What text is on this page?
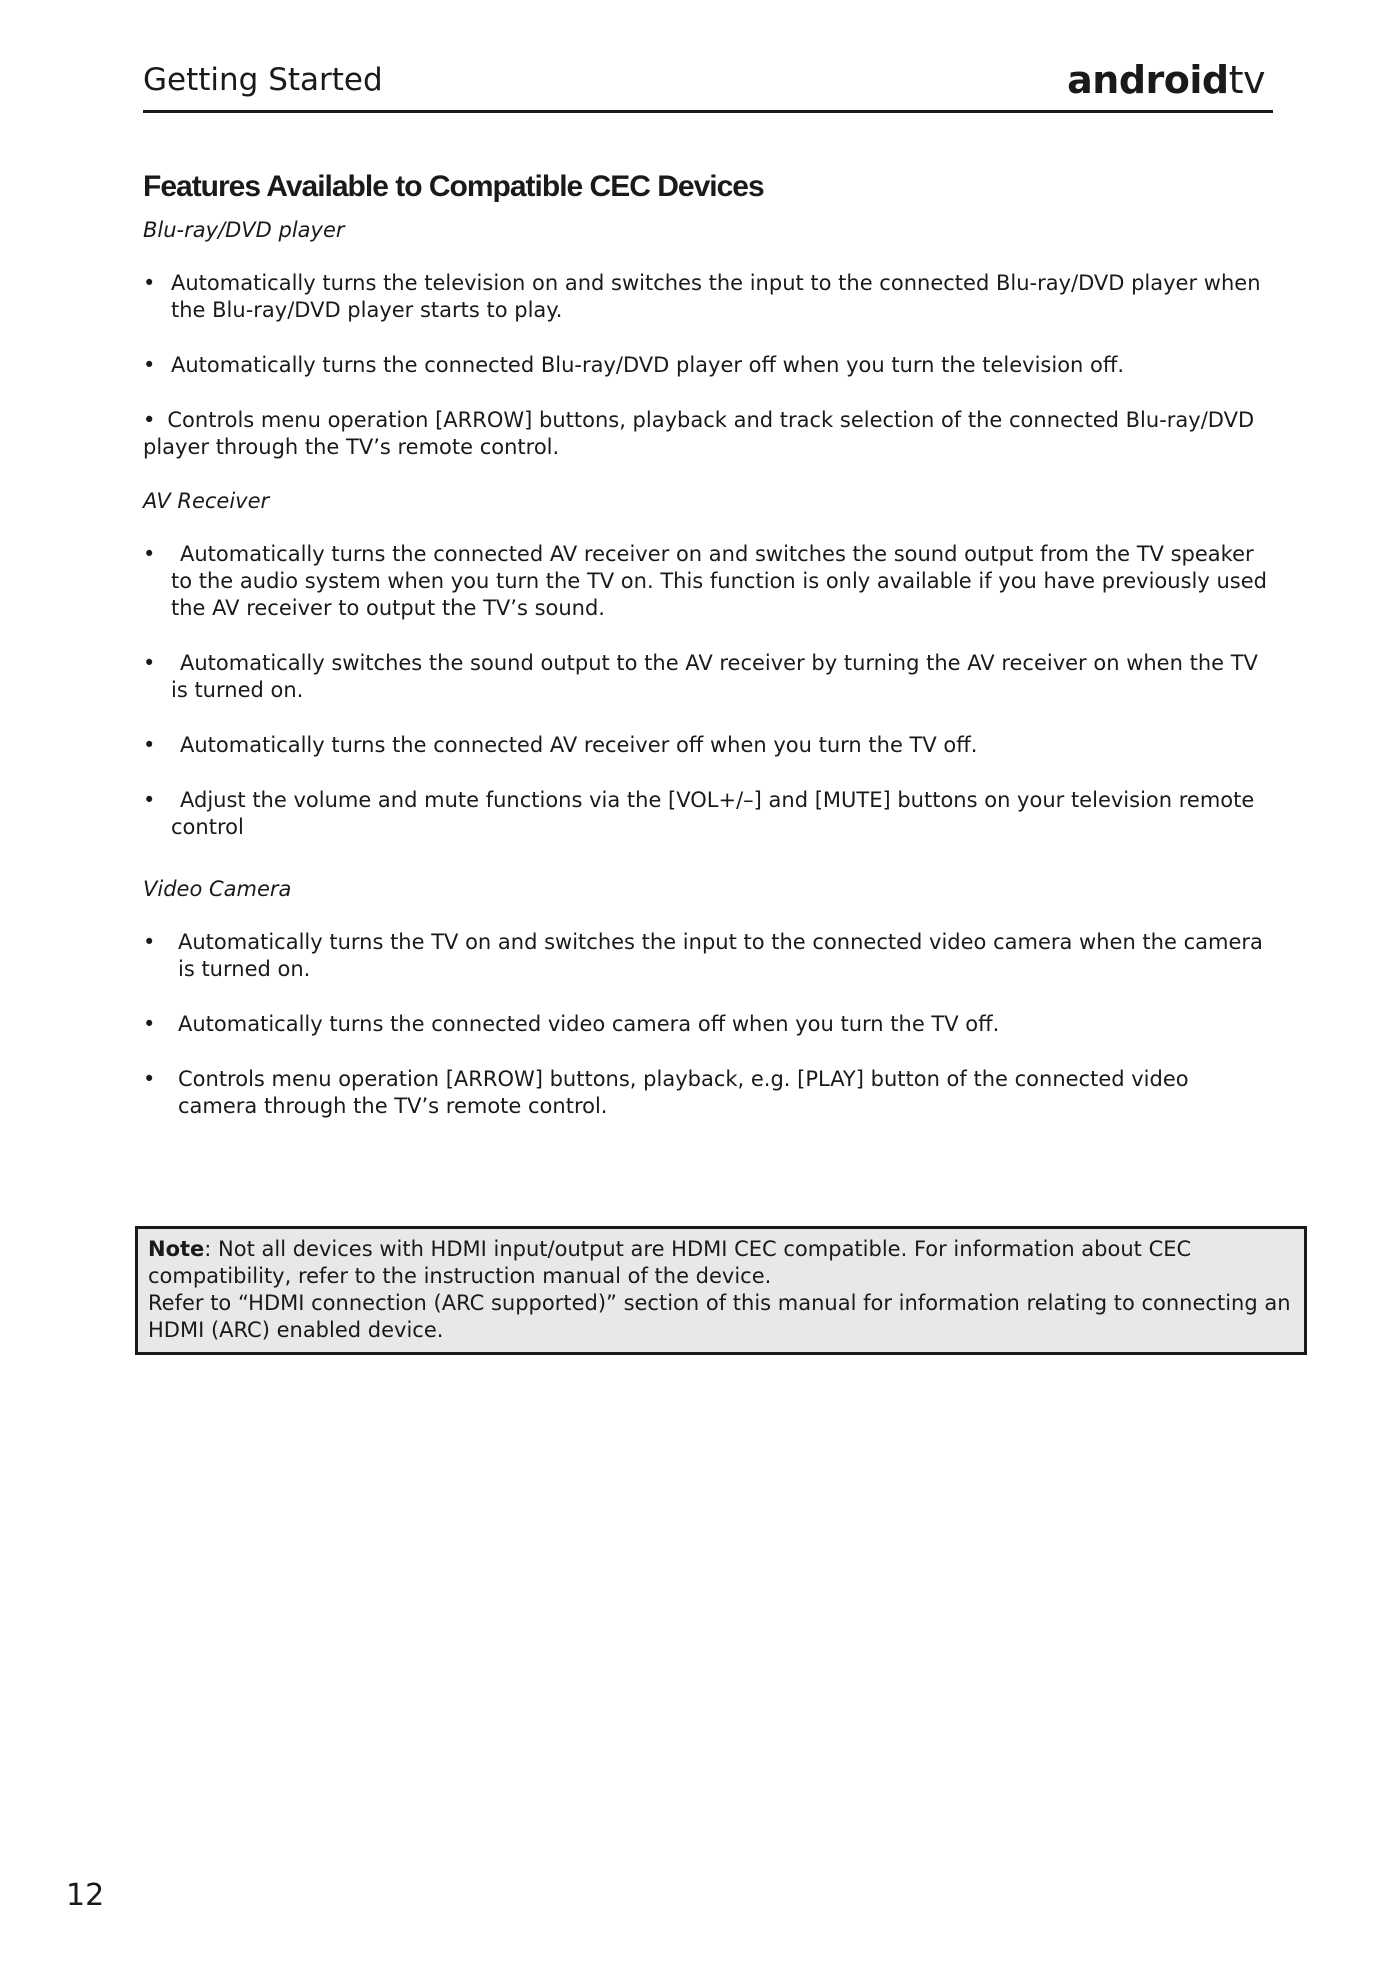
Getting Started	androidtv
Features Available to Compatible CEC Devices

Blu-ray/DVD player

• Automatically turns the television on and switches the input to the connected Blu-ray/DVD player when the Blu-ray/DVD player starts to play.
• Automatically turns the connected Blu-ray/DVD player off when you turn the television off.
• • Controls menu operation [ARROW] buttons, playback and track selection of the connected Blu-ray/DVD player through the TV’s remote control.

AV Receiver

• Automatically turns the connected AV receiver on and switches the sound output from the TV speaker to the audio system when you turn the TV on. This function is only available if you have previously used the AV receiver to output the TV’s sound.
• Automatically switches the sound output to the AV receiver by turning the AV receiver on when the TV is turned on.
• Automatically turns the connected AV receiver off when you turn the TV off.
• Adjust the volume and mute functions via the [VOL+/–] and [MUTE] buttons on your television remote control

Video Camera

• Automatically turns the TV on and switches the input to the connected video camera when the camera is turned on.
• Automatically turns the connected video camera off when you turn the TV off.
• Controls menu operation [ARROW] buttons, playback, e.g. [PLAY] button of the connected video camera through the TV’s remote control.
Note: Not all devices with HDMI input/output are HDMI CEC compatible. For information about CEC compatibility, refer to the instruction manual of the device.
Refer to “HDMI connection (ARC supported)” section of this manual for information relating to connecting an HDMI (ARC) enabled device.
12
